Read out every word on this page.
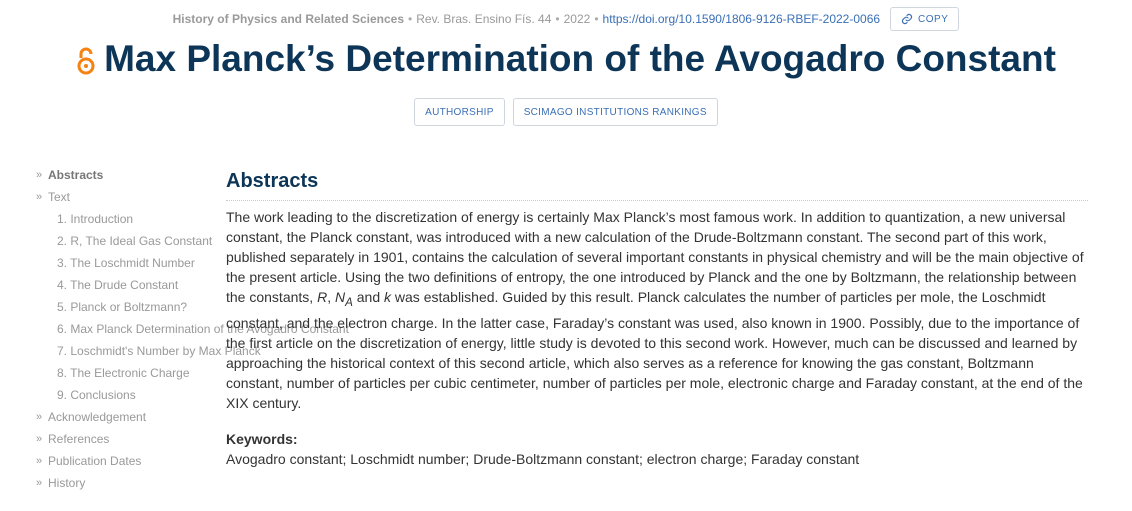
History of Physics and Related Sciences • Rev. Bras. Ensino Fís. 44 • 2022 • https://doi.org/10.1590/1806-9126-RBEF-2022-0066	COPY
Max Planck’s Determination of the Avogadro Constant
AUTHORSHIP	SCIMAGO INSTITUTIONS RANKINGS
» Abstracts
» Text
1. Introduction
2. R, The Ideal Gas Constant
3. The Loschmidt Number
4. The Drude Constant
5. Planck or Boltzmann?
6. Max Planck Determination of the Avogadro Constant
7. Loschmidt's Number by Max Planck
8. The Electronic Charge
9. Conclusions
» Acknowledgement
» References
» Publication Dates
» History
Abstracts

The work leading to the discretization of energy is certainly Max Planck’s most famous work. In addition to quantization, a new universal constant, the Planck constant, was introduced with a new calculation of the Drude-Boltzmann constant. The second part of this work, published separately in 1901, contains the calculation of several important constants in physical chemistry and will be the main objective of the present article. Using the two definitions of entropy, the one introduced by Planck and the one by Boltzmann, the relationship between the constants, R, $N_A$ and k was established. Guided by this result. Planck calculates the number of particles per mole, the Loschmidt constant, and the electron charge. In the latter case, Faraday’s constant was used, also known in 1900. Possibly, due to the importance of the first article on the discretization of energy, little study is devoted to this second work. However, much can be discussed and learned by approaching the historical context of this second article, which also serves as a reference for knowing the gas constant, Boltzmann constant, number of particles per cubic centimeter, number of particles per mole, electronic charge and Faraday constant, at the end of the XIX century.

Keywords:
Avogadro constant; Loschmidt number; Drude-Boltzmann constant; electron charge; Faraday constant
